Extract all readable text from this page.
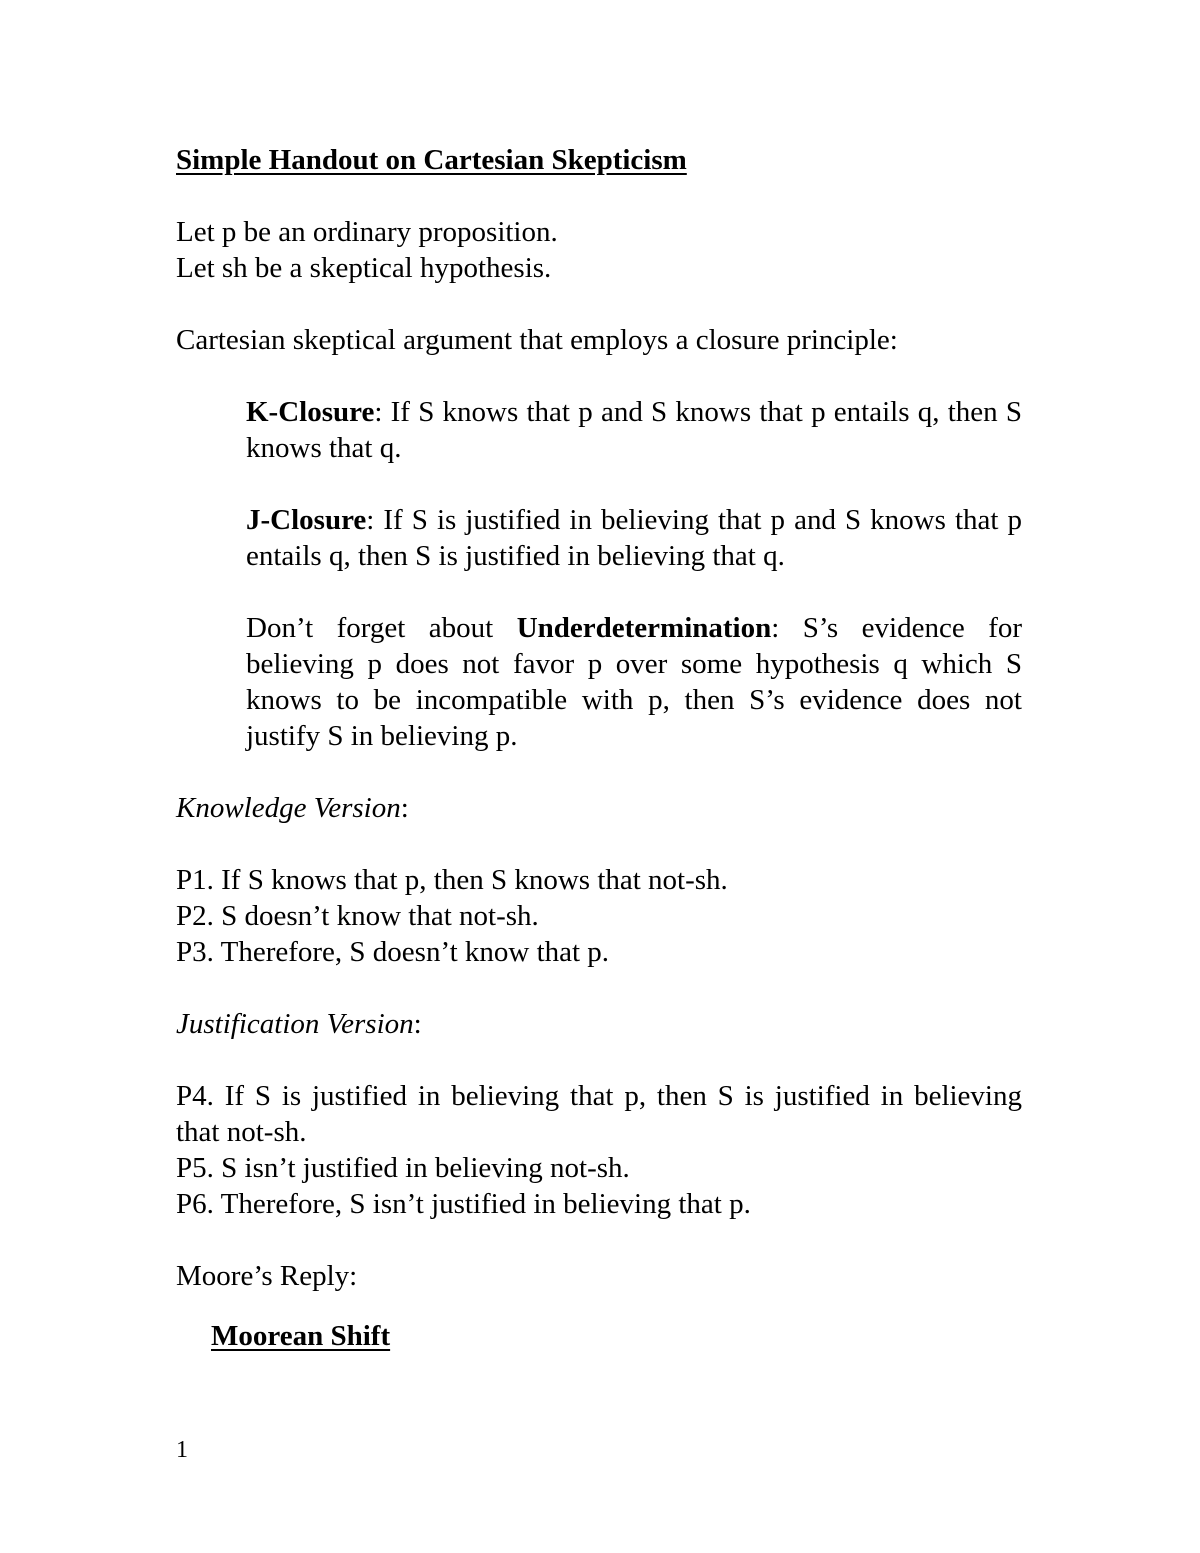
Simple Handout on Cartesian Skepticism

Let p be an ordinary proposition.

Let sh be a skeptical hypothesis.

Cartesian skeptical argument that employs a closure principle:

K-Closure: If S knows that p and S knows that p entails q, then S knows that q.

J-Closure: If S is justified in believing that p and S knows that p entails q, then S is justified in believing that q.

Don’t forget about Underdetermination: S’s evidence for believing p does not favor p over some hypothesis q which S knows to be incompatible with p, then S’s evidence does not justify S in believing p.

Knowledge Version:

P1. If S knows that p, then S knows that not-sh.

P2. S doesn’t know that not-sh.

P3. Therefore, S doesn’t know that p.

Justification Version:

P4. If S is justified in believing that p, then S is justified in believing that not-sh.

P5. S isn’t justified in believing not-sh.

P6. Therefore, S isn’t justified in believing that p.

Moore’s Reply:

Moorean Shift

1
